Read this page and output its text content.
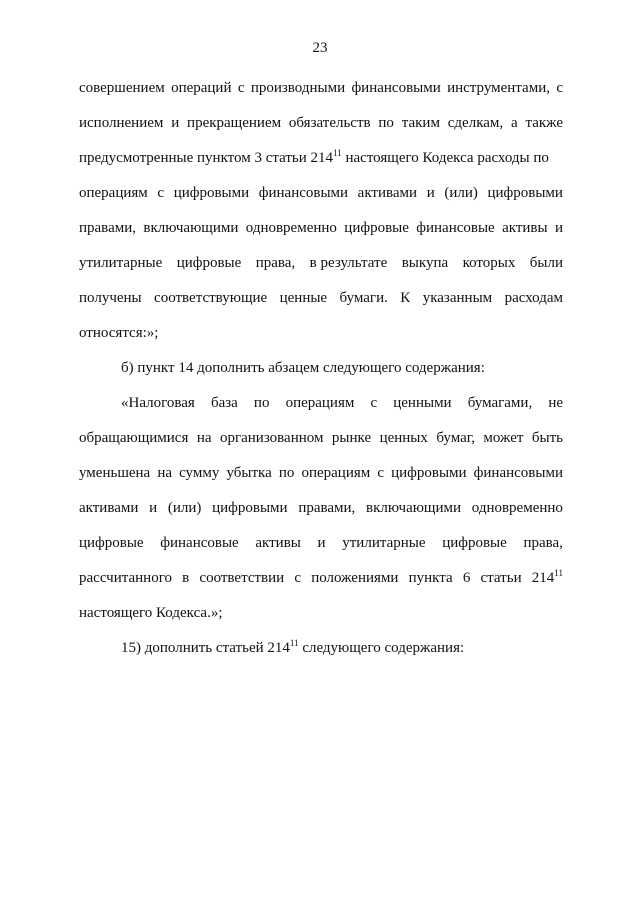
23
совершением операций с производными финансовыми инструментами, с
исполнением и прекращением обязательств по таким сделкам, а также
предусмотренные пунктом 3 статьи $214^{11}$ настоящего Кодекса расходы по
операциям с цифровыми финансовыми активами и (или) цифровыми
правами, включающими одновременно цифровые финансовые активы и
утилитарные цифровые права, в результате выкупа которых были
получены соответствующие ценные бумаги. К указанным расходам
относятся:»;
б) пункт 14 дополнить абзацем следующего содержания:
«Налоговая база по операциям с ценными бумагами, не
обращающимися на организованном рынке ценных бумаг, может быть
уменьшена на сумму убытка по операциям с цифровыми финансовыми
активами и (или) цифровыми правами, включающими одновременно
цифровые финансовые активы и утилитарные цифровые права,
рассчитанного в соответствии с положениями пункта 6 статьи $214^{11}$
настоящего Кодекса.»;
15) дополнить статьей $214^{11}$ следующего содержания:
